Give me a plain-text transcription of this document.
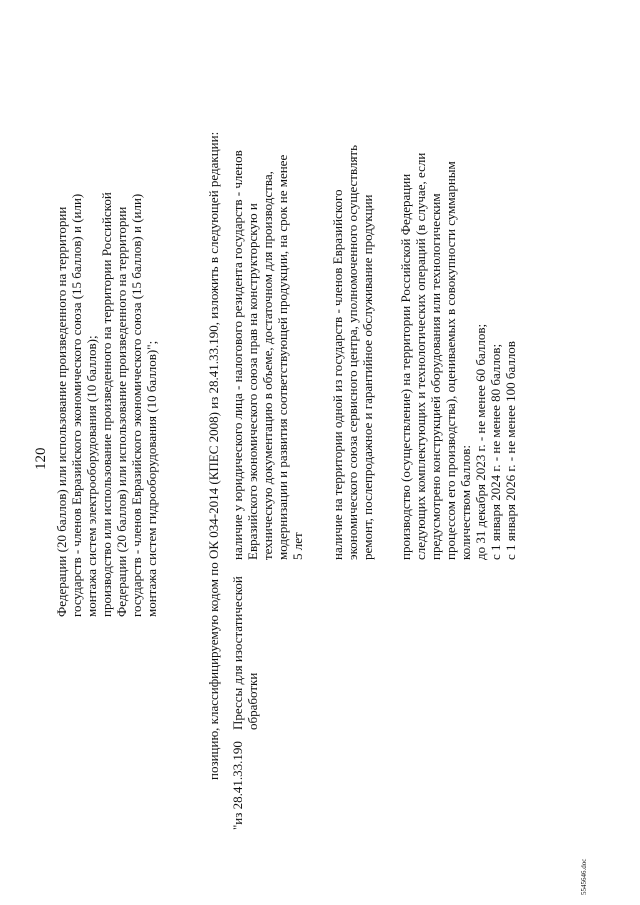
120 Федерации (20 баллов) или использование произведенного на территории государств - членов Евразийского экономического союза (15 баллов) и (или) монтажа систем электрооборудования (10 баллов); производство или использование произведенного на территории Российской Федерации (20 баллов) или использование произведенного на территории государств - членов Евразийского экономического союза (15 баллов) и (или) монтажа систем гидрооборудования (10 баллов)";	позицию, классифицируемую кодом по ОК 034-2014 (КПЕС 2008) из 28.41.33.190, изложить в следующей редакции:
"из 28.41.33.190
Прессы для изостатической обработки
наличие у юридического лица - налогового резидента государств - членов Евразийского экономического союза прав на конструкторскую и техническую документацию в объеме, достаточном для производства, модернизации и развития соответствующей продукции, на срок не менее 5 лет наличие на территории одной из государств - членов Евразийского экономического союза сервисного центра, уполномоченного осуществлять ремонт, послепродажное и гарантийное обслуживание продукции производство (осуществление) на территории Российской Федерации следующих комплектующих и технологических операций (в случае, если предусмотрено конструкцией оборудования или технологическим процессом его производства), оцениваемых в совокупности суммарным количеством баллов: до 31 декабря 2023 г. - не менее 60 баллов; с 1 января 2024 г. - не менее 80 баллов; с 1 января 2026 г. - не менее 100 баллов
5545646.doc
